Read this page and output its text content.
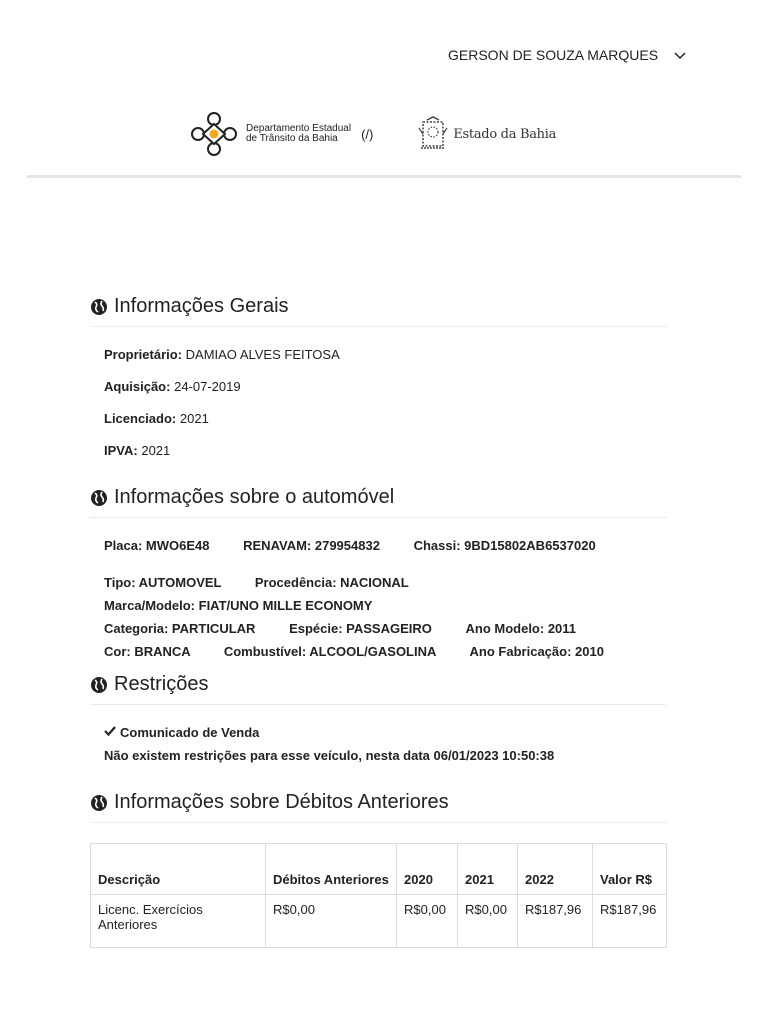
GERSON DE SOUZA MARQUES
Departamento Estadual
de Trânsito da Bahia	(/)	Estado da Bahia
Informações Gerais
Proprietário: DAMIAO ALVES FEITOSA
Aquisição: 24-07-2019
Licenciado: 2021
IPVA: 2021
Informações sobre o automóvel
Placa: MWO6E48	RENAVAM: 279954832	Chassi: 9BD15802AB6537020
Tipo: AUTOMOVEL	Procedência: NACIONAL
Marca/Modelo: FIAT/UNO MILLE ECONOMY
Categoria: PARTICULAR	Espécie: PASSAGEIRO	Ano Modelo: 2011
Cor: BRANCA	Combustível: ALCOOL/GASOLINA	Ano Fabricação: 2010
Restrições
Comunicado de Venda
Não existem restrições para esse veículo, nesta data 06/01/2023 10:50:38
Informações sobre Débitos Anteriores
Descrição	Débitos Anteriores	2020	2021	2022	Valor R$
Licenc. Exercícios Anteriores	R$0,00	R$0,00	R$0,00	R$187,96	R$187,96
